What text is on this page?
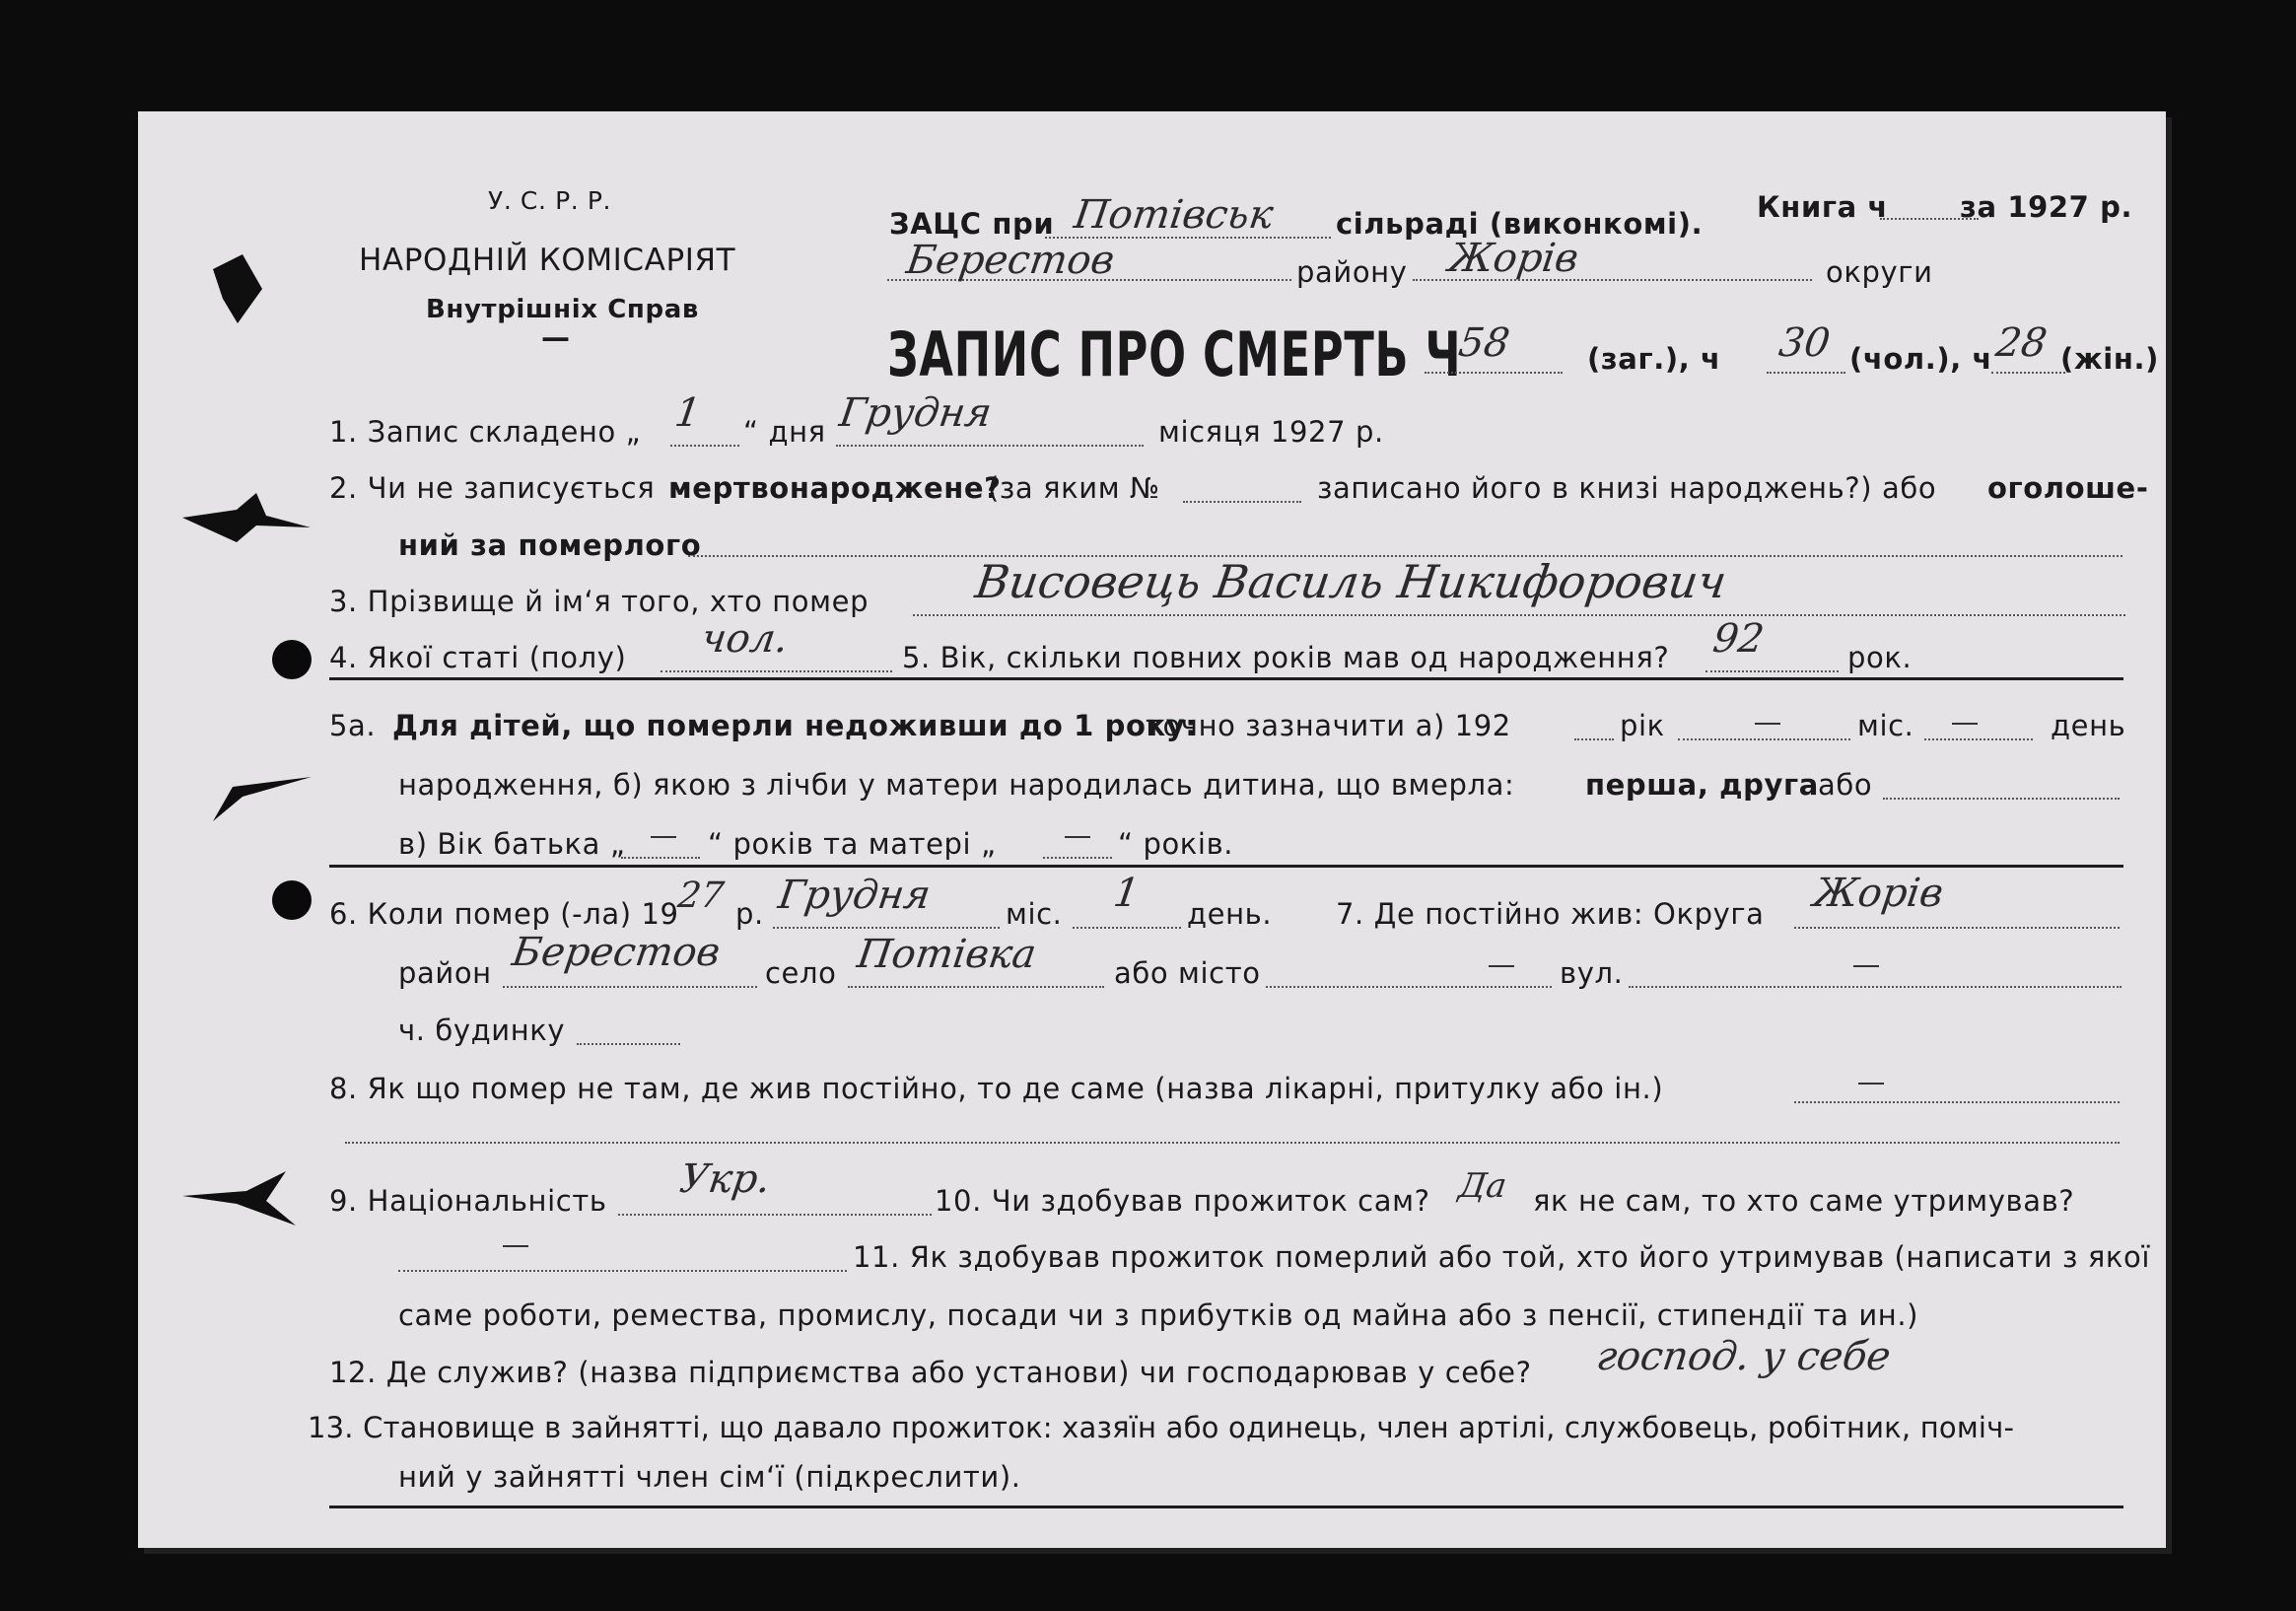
У. С. Р. Р.
НАРОДНІЙ КОМІСАРІЯТ
Внутрішніх Справ
—
ЗАЦС при Потівськ сільраді (виконкомі). Книга ч	за 1927 р.
Берестов	району Жорів	округи
ЗАПИС ПРО СМЕРТЬ Ч
58	(заг.), ч 30 (чол.), ч 28 (жін.)
1. Запис складено „ 1 “ дня Грудня	місяця 1927 р.
2. Чи не записується мертвонароджене?
(за яким №	записано його в книзі народжень?) або оголоше-
ний за померлого
3. Прізвище й ім‘я того, хто помер Висовець Василь Никифорович
4. Якої статі (полу) чол.	5. Вік, скільки повних років мав од народження? 92	рок.
5а. Для дітей, що померли недоживши до 1 року:
точно зазначити а) 192	рік	міс.	день
народження, б) якою з лічби у матери народилась дитина, що вмерла: перша, друга або
в) Вік батька „	“ років та матері „	“ років.
6. Коли помер (-ла) 19
27 р. Грудня	міс. 1 день. 7. Де постійно жив: Округа Жорів
район Берестов село Потівка	або місто	вул.
ч. будинку
8. Як що помер не там, де жив постійно, то де саме (назва лікарні, притулку або ін.)
9. Національність Укр.	10. Чи здобував прожиток сам? Да як не сам, то хто саме утримував?
11. Як здобував прожиток померлий або той, хто його утримував (написати з якої
саме роботи, ремества, промислу, посади чи з прибутків од майна або з пенсії, стипендії та ин.)
12. Де служив? (назва підприємства або установи) чи господарював у себе? господ. у себе
13. Становище в зайнятті, що давало прожиток: хазяїн або одинець, член артілі, службовець, робітник, поміч-
ний у зайнятті член сім‘ї (підкреслити).
